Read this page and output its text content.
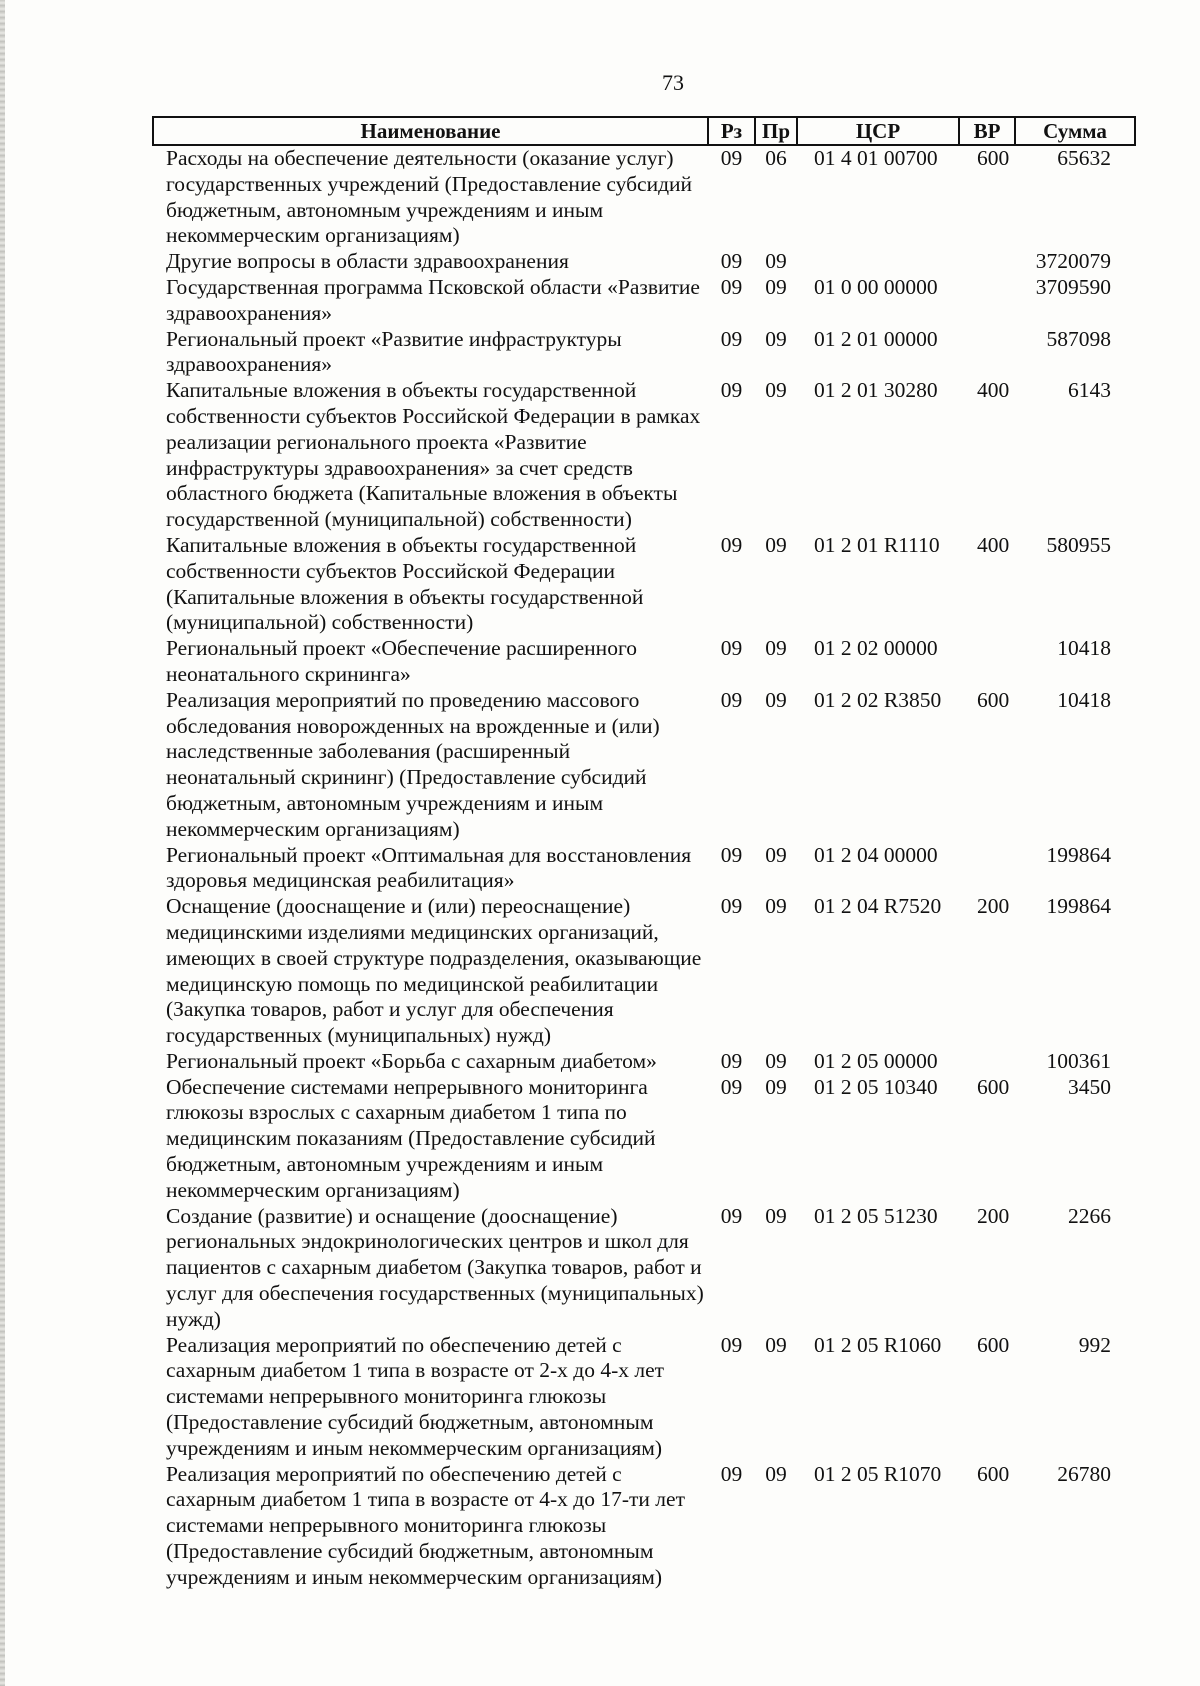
73
Наименование	Рз	Пр	ЦСР	ВР	Сумма
Расходы на обеспечение деятельности (оказание услуг) государственных учреждений (Предоставление субсидий бюджетным, автономным учреждениям и иным некоммерческим организациям)	09	06	01 4 01 00700	600	65632
Другие вопросы в области здравоохранения	09	09			3720079
Государственная программа Псковской области «Развитие здравоохранения»	09	09	01 0 00 00000		3709590
Региональный проект «Развитие инфраструктуры здравоохранения»	09	09	01 2 01 00000		587098
Капитальные вложения в объекты государственной собственности субъектов Российской Федерации в рамках реализации регионального проекта «Развитие инфраструктуры здравоохранения» за счет средств областного бюджета (Капитальные вложения в объекты государственной (муниципальной) собственности)	09	09	01 2 01 30280	400	6143
Капитальные вложения в объекты государственной собственности субъектов Российской Федерации (Капитальные вложения в объекты государственной (муниципальной) собственности)	09	09	01 2 01 R1110	400	580955
Региональный проект «Обеспечение расширенного неонатального скрининга»	09	09	01 2 02 00000		10418
Реализация мероприятий по проведению массового обследования новорожденных на врожденные и (или) наследственные заболевания (расширенный неонатальный скрининг) (Предоставление субсидий бюджетным, автономным учреждениям и иным некоммерческим организациям)	09	09	01 2 02 R3850	600	10418
Региональный проект «Оптимальная для восстановления здоровья медицинская реабилитация»	09	09	01 2 04 00000		199864
Оснащение (дооснащение и (или) переоснащение) медицинскими изделиями медицинских организаций, имеющих в своей структуре подразделения, оказывающие медицинскую помощь по медицинской реабилитации (Закупка товаров, работ и услуг для обеспечения государственных (муниципальных) нужд)	09	09	01 2 04 R7520	200	199864
Региональный проект «Борьба с сахарным диабетом»	09	09	01 2 05 00000		100361
Обеспечение системами непрерывного мониторинга глюкозы взрослых с сахарным диабетом 1 типа по медицинским показаниям (Предоставление субсидий бюджетным, автономным учреждениям и иным некоммерческим организациям)	09	09	01 2 05 10340	600	3450
Создание (развитие) и оснащение (дооснащение) региональных эндокринологических центров и школ для пациентов с сахарным диабетом (Закупка товаров, работ и услуг для обеспечения государственных (муниципальных) нужд)	09	09	01 2 05 51230	200	2266
Реализация мероприятий по обеспечению детей с сахарным диабетом 1 типа в возрасте от 2-х до 4-х лет системами непрерывного мониторинга глюкозы (Предоставление субсидий бюджетным, автономным учреждениям и иным некоммерческим организациям)	09	09	01 2 05 R1060	600	992
Реализация мероприятий по обеспечению детей с сахарным диабетом 1 типа в возрасте от 4-х до 17-ти лет системами непрерывного мониторинга глюкозы (Предоставление субсидий бюджетным, автономным учреждениям и иным некоммерческим организациям)	09	09	01 2 05 R1070	600	26780
